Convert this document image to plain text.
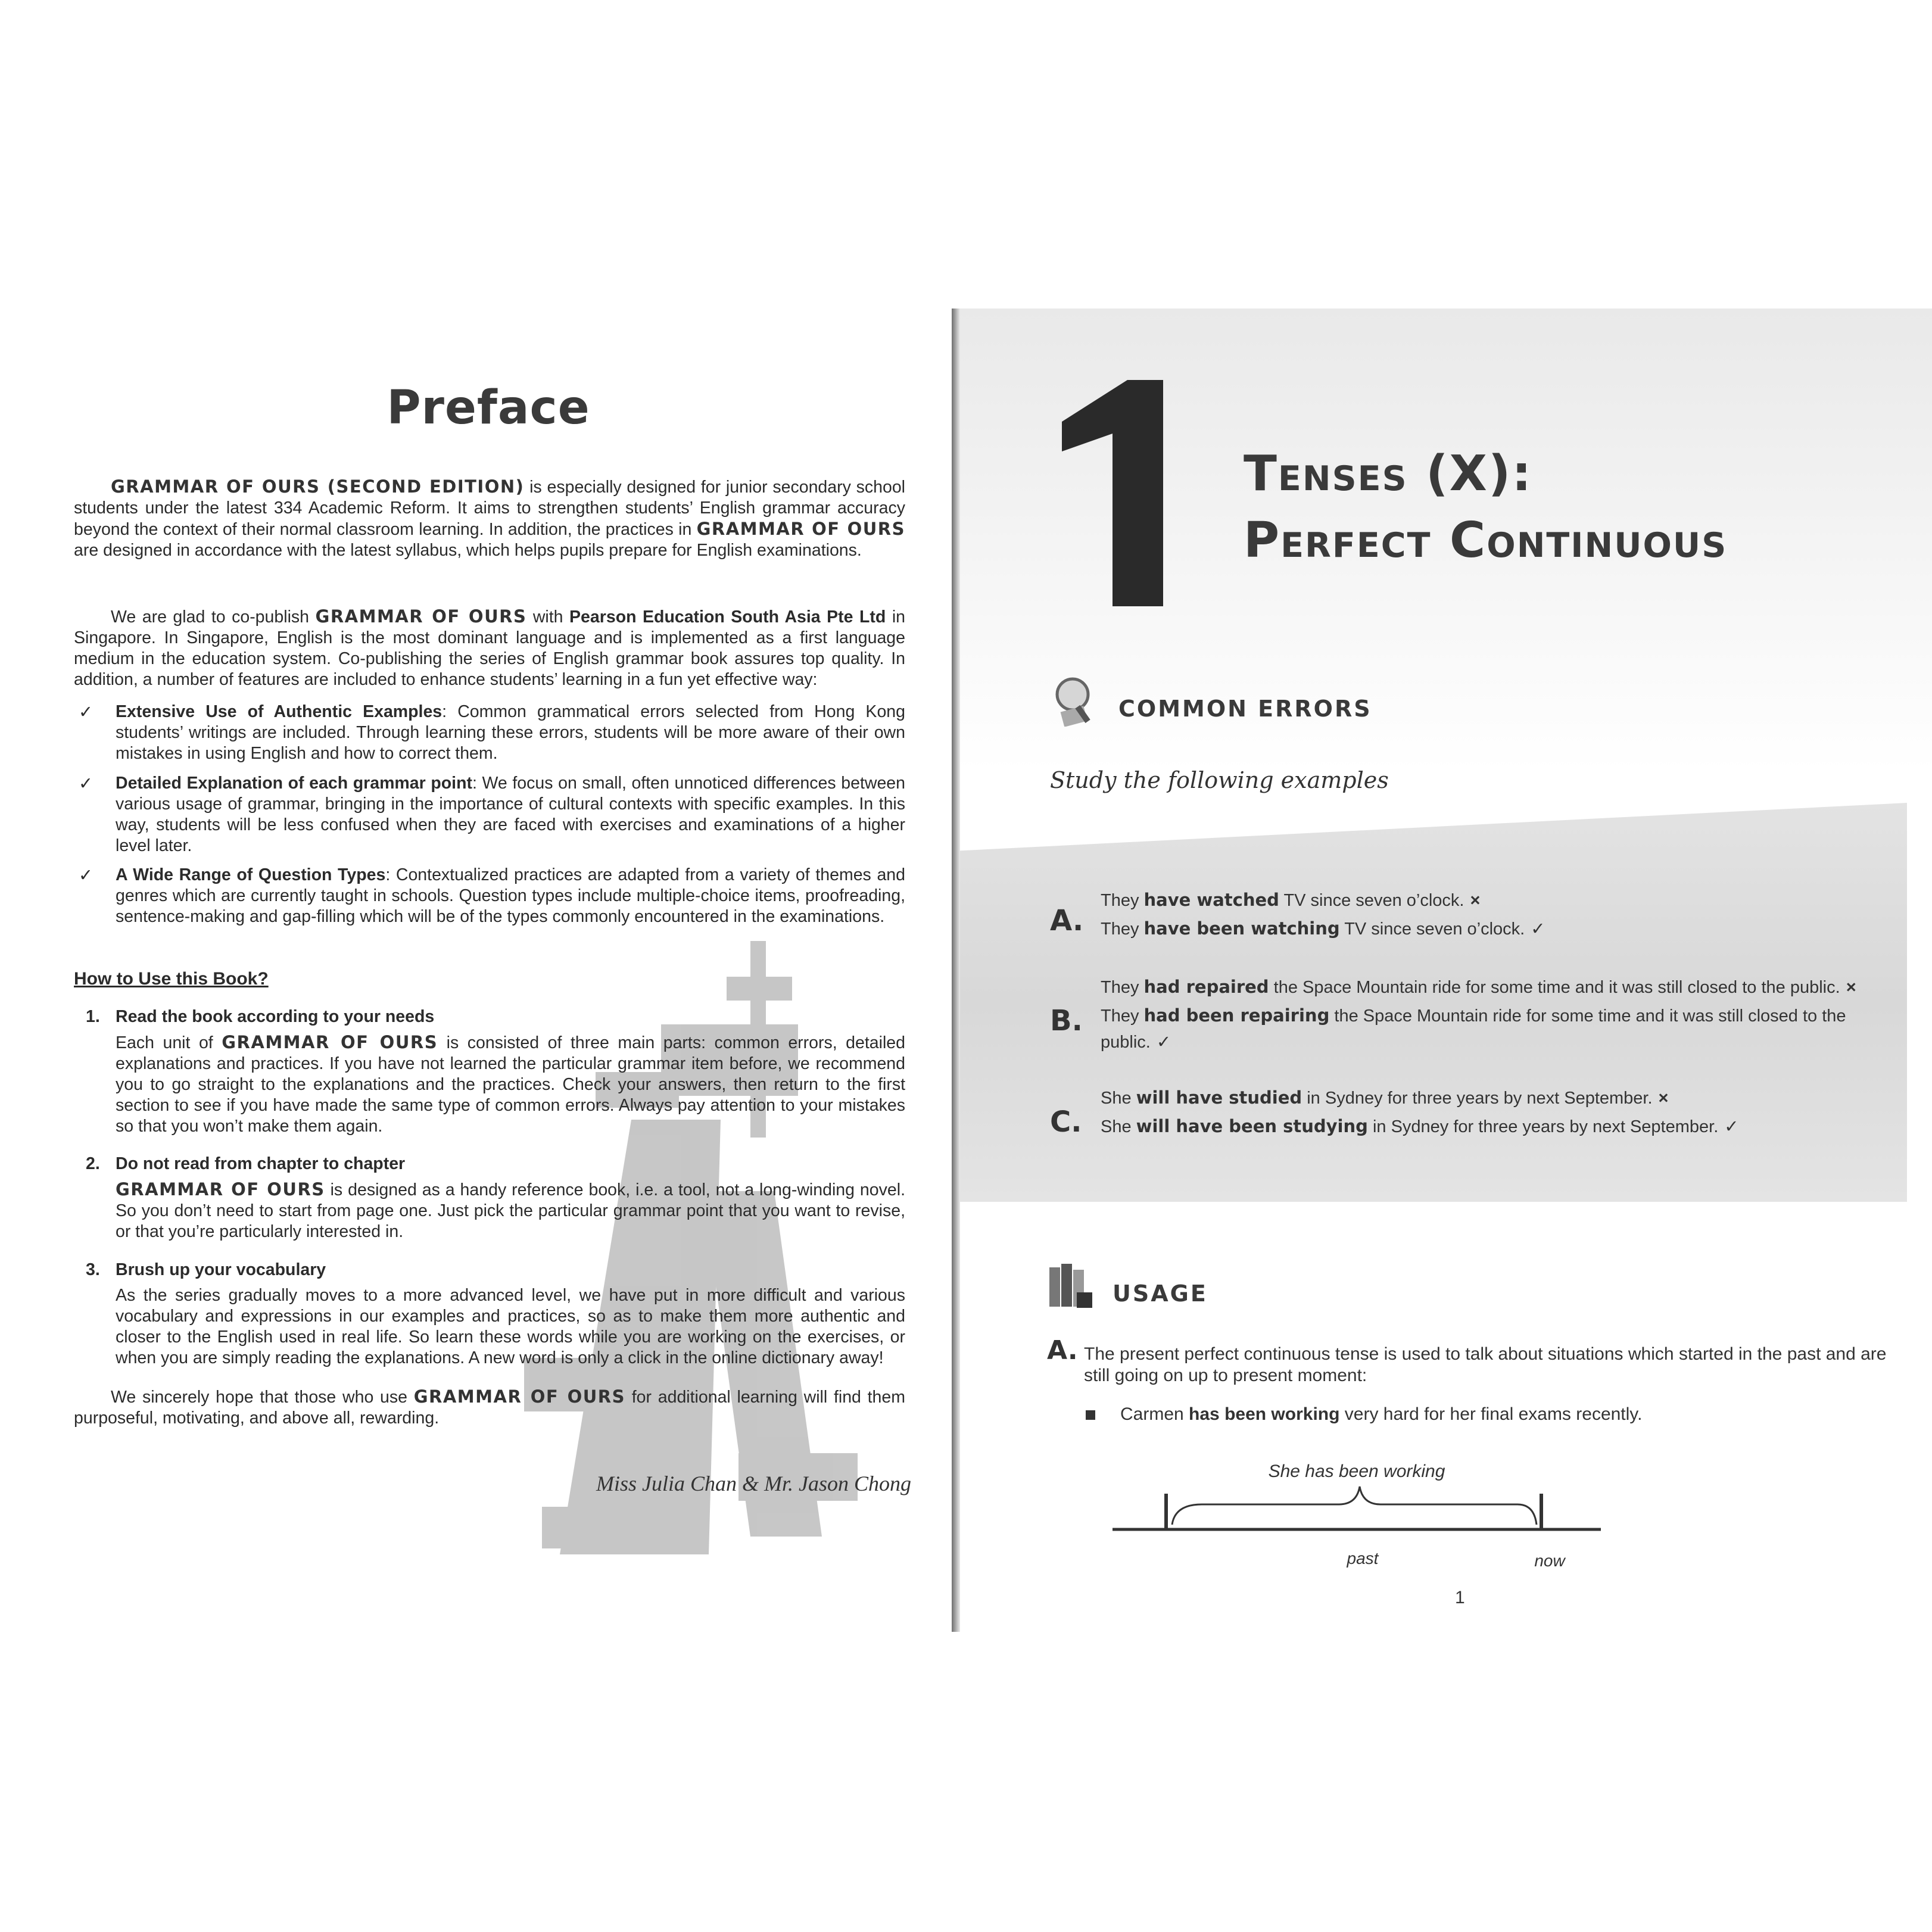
Preface
GRAMMAR OF OURS (SECOND EDITION) is especially designed for junior secondary school students under the latest 334 Academic Reform. It aims to strengthen students’ English grammar accuracy beyond the context of their normal classroom learning. In addition, the practices in GRAMMAR OF OURS are designed in accordance with the latest syllabus, which helps pupils prepare for English examinations.
We are glad to co-publish GRAMMAR OF OURS with Pearson Education South Asia Pte Ltd in Singapore. In Singapore, English is the most dominant language and is implemented as a first language medium in the education system. Co-publishing the series of English grammar book assures top quality. In addition, a number of features are included to enhance students’ learning in a fun yet effective way:
✓ Extensive Use of Authentic Examples: Common grammatical errors selected from Hong Kong students’ writings are included. Through learning these errors, students will be more aware of their own mistakes in using English and how to correct them.
✓ Detailed Explanation of each grammar point: We focus on small, often unnoticed differences between various usage of grammar, bringing in the importance of cultural contexts with specific examples. In this way, students will be less confused when they are faced with exercises and examinations of a higher level later.
✓ A Wide Range of Question Types: Contextualized practices are adapted from a variety of themes and genres which are currently taught in schools. Question types include multiple-choice items, proofreading, sentence-making and gap-filling which will be of the types commonly encountered in the examinations.
How to Use this Book?
1. Read the book according to your needs
Each unit of GRAMMAR OF OURS is consisted of three main parts: common errors, detailed explanations and practices. If you have not learned the particular grammar item before, we recommend you to go straight to the explanations and the practices. Check your answers, then return to the first section to see if you have made the same type of common errors. Always pay attention to your mistakes so that you won’t make them again.
2. Do not read from chapter to chapter
GRAMMAR OF OURS is designed as a handy reference book, i.e. a tool, not a long-winding novel. So you don’t need to start from page one. Just pick the particular grammar point that you want to revise, or that you’re particularly interested in.
3. Brush up your vocabulary
As the series gradually moves to a more advanced level, we have put in more difficult and various vocabulary and expressions in our examples and practices, so as to make them more authentic and closer to the English used in real life. So learn these words while you are working on the exercises, or when you are simply reading the explanations. A new word is only a click in the online dictionary away!
We sincerely hope that those who use GRAMMAR OF OURS for additional learning will find them purposeful, motivating, and above all, rewarding.
Miss Julia Chan & Mr. Jason Chong
1
Tenses (X):
Perfect Continuous
COMMON ERRORS
Study the following examples
A.
They have watched TV since seven o’clock. ×
They have been watching TV since seven o’clock. ✓
B.
They had repaired the Space Mountain ride for some time and it was still closed to the public. ×
They had been repairing the Space Mountain ride for some time and it was still closed to the
public. ✓
C.
She will have studied in Sydney for three years by next September. ×
She will have been studying in Sydney for three years by next September. ✓
USAGE
A. The present perfect continuous tense is used to talk about situations which started in the past and are still going on up to present moment:
Carmen has been working very hard for her final exams recently.
She has been working
past	now
1
